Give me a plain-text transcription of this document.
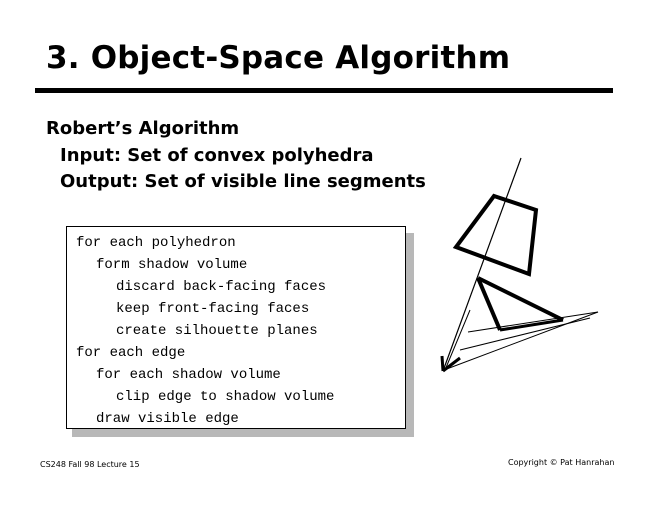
3. Object-Space Algorithm
Robert’s Algorithm
Input: Set of convex polyhedra
Output: Set of visible line segments
for each polyhedron
form shadow volume
discard back-facing faces
keep front-facing faces
create silhouette planes
for each edge
for each shadow volume
clip edge to shadow volume
draw visible edge
CS248 Fall 98 Lecture 15	Copyright © Pat Hanrahan
